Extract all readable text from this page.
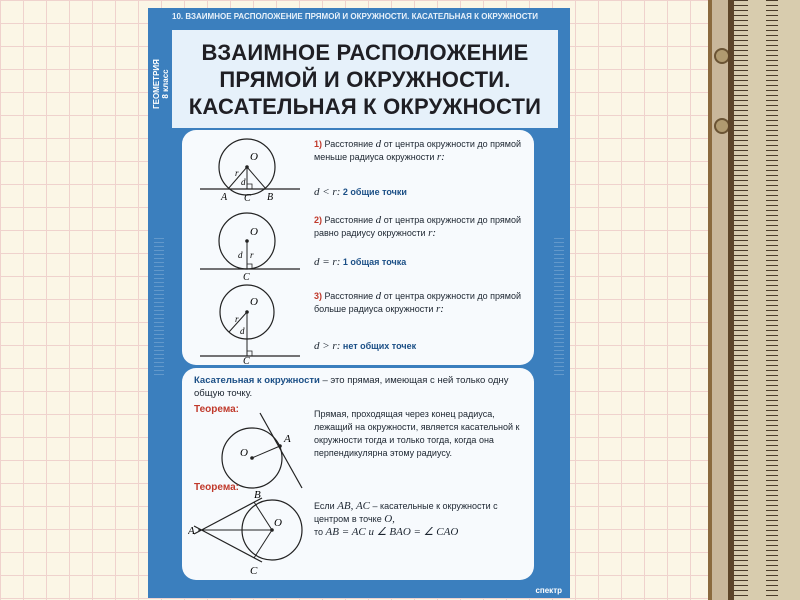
10. ВЗАИМНОЕ РАСПОЛОЖЕНИЕ ПРЯМОЙ И ОКРУЖНОСТИ. КАСАТЕЛЬНАЯ К ОКРУЖНОСТИ
ГЕОМЕТРИЯ
8 класс
ВЗАИМНОЕ РАСПОЛОЖЕНИЕ
ПРЯМОЙ И ОКРУЖНОСТИ.
КАСАТЕЛЬНАЯ К ОКРУЖНОСТИ
O
r
d
A C B
1) Расстояние d от центра окружности до прямой меньше радиуса окружности r:
d < r: 2 общие точки
O
d r
C
2) Расстояние d от центра окружности до прямой равно радиусу окружности r:
d = r: 1 общая точка
O
r
d
C
3) Расстояние d от центра окружности до прямой больше радиуса окружности r:
d > r: нет общих точек
Касательная к окружности – это прямая, имеющая с ней только одну общую точку.
Теорема:
A
O
Прямая, проходящая через конец радиуса, лежащий на окружности, является касательной к окружности тогда и только тогда, когда она перпендикулярна этому радиусу.
Теорема:
B
A
O
C
Если AB, AC – касательные к окружности с центром в точке O,
то AB = AC и ∠ BAO = ∠ CAO
спектр
